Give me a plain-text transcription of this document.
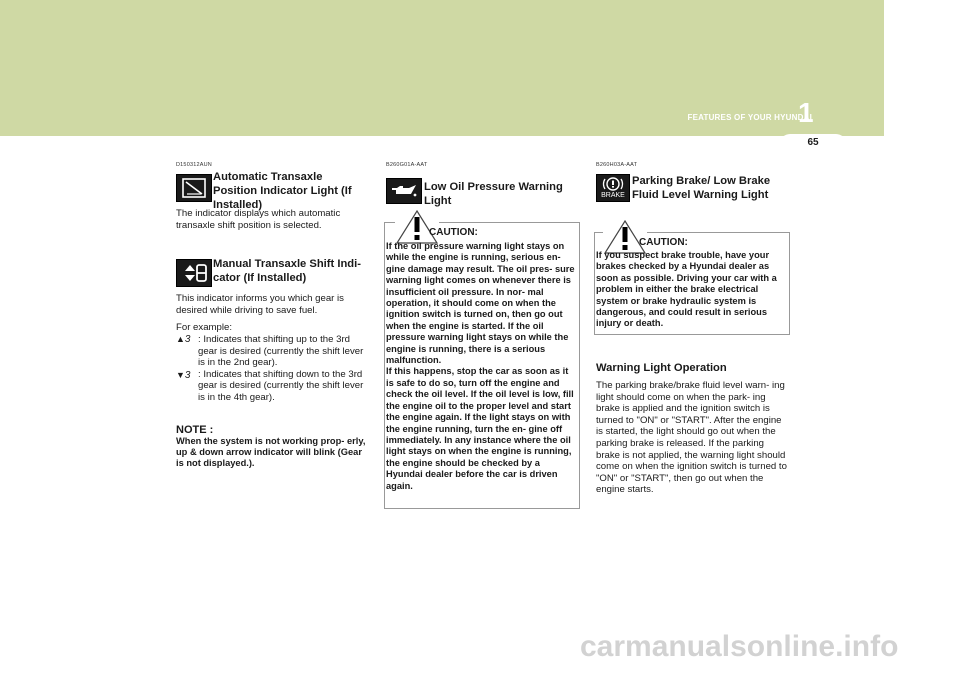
FEATURES OF YOUR HYUNDAI
1
65
D150312AUN
Automatic Transaxle Position Indicator Light (If Installed)
The indicator displays which automatic transaxle shift position is selected.
Manual Transaxle Shift Indi- cator (If Installed)
This indicator informs you which gear is desired while driving to save fuel.
For example:
▲3 : Indicates that shifting up to the 3rd gear is desired (currently the shift lever is in the 2nd gear).
▼3 : Indicates that shifting down to the 3rd gear is desired (currently the shift lever is in the 4th gear).
NOTE :
When the system is not working prop- erly, up & down arrow indicator will blink (Gear is not displayed.).
B260G01A-AAT
Low Oil Pressure Warning Light
CAUTION:
If the oil pressure warning light stays on while the engine is running, serious en- gine damage may result. The oil pres- sure warning light comes on whenever there is insufficient oil pressure. In nor- mal operation, it should come on when the ignition switch is turned on, then go out when the engine is started. If the oil pressure warning light stays on while the engine is running, there is a serious malfunction.
If this happens, stop the car as soon as it is safe to do so, turn off the engine and check the oil level. If the oil level is low, fill the engine oil to the proper level and start the engine again. If the light stays on with the engine running, turn the en- gine off immediately. In any instance where the oil light stays on when the engine is running, the engine should be checked by a Hyundai dealer before the car is driven again.
B260H03A-AAT
BRAKE
Parking Brake/ Low Brake Fluid Level Warning Light
CAUTION:
If you suspect brake trouble, have your brakes checked by a Hyundai dealer as soon as possible. Driving your car with a problem in either the brake electrical system or brake hydraulic system is dangerous, and could result in serious injury or death.
Warning Light Operation
The parking brake/brake fluid level warn- ing light should come on when the park- ing brake is applied and the ignition switch is turned to "ON" or "START". After the engine is started, the light should go out when the parking brake is released. If the parking brake is not applied, the warning light should come on when the ignition switch is turned to "ON" or "START", then go out when the engine starts.
carmanualsonline.info
